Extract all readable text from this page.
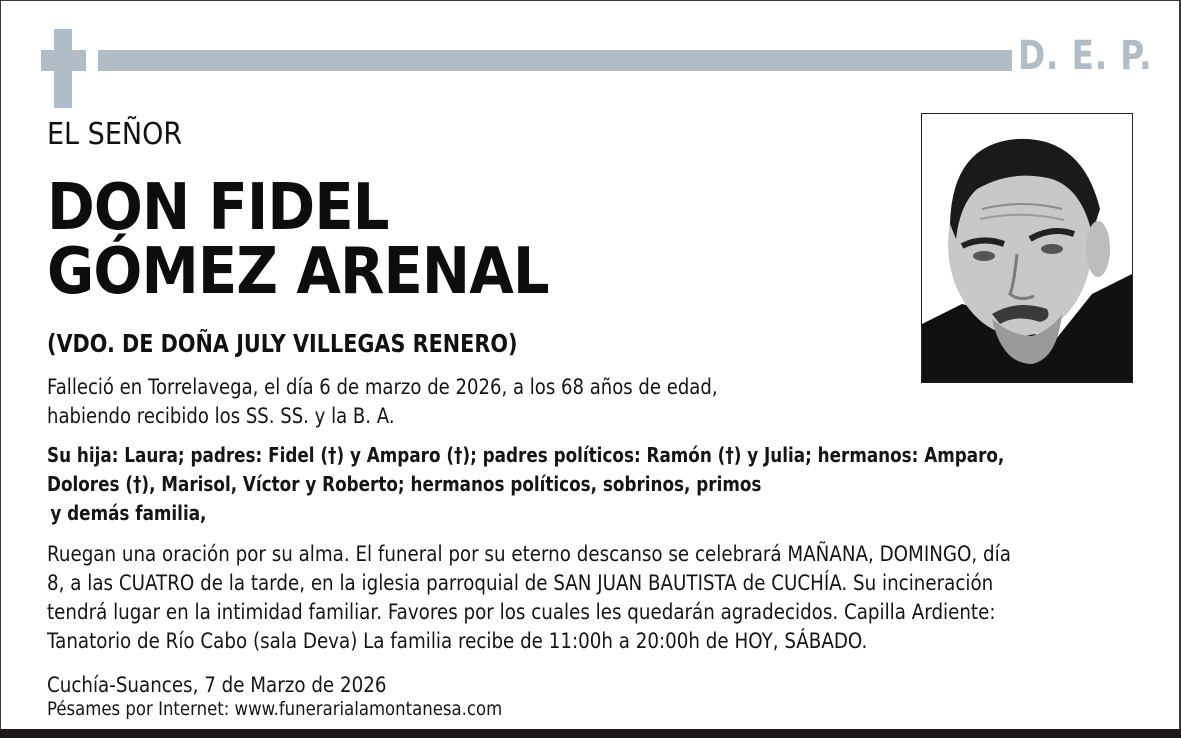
D. E. P.
EL SEÑOR
DON FIDEL
GÓMEZ ARENAL
(VDO. DE DOÑA JULY VILLEGAS RENERO)
Falleció en Torrelavega, el día 6 de marzo de 2026, a los 68 años de edad,
habiendo recibido los SS. SS. y la B. A.
Su hija: Laura; padres: Fidel (†) y Amparo (†); padres políticos: Ramón (†) y Julia; hermanos: Amparo,
Dolores (†), Marisol, Víctor y Roberto; hermanos políticos, sobrinos, primos
y demás familia,
Ruegan una oración por su alma. El funeral por su eterno descanso se celebrará MAÑANA, DOMINGO, día
8, a las CUATRO de la tarde, en la iglesia parroquial de SAN JUAN BAUTISTA de CUCHÍA. Su incineración
tendrá lugar en la intimidad familiar. Favores por los cuales les quedarán agradecidos. Capilla Ardiente:
Tanatorio de Río Cabo (sala Deva) La familia recibe de 11:00h a 20:00h de HOY, SÁBADO.
Cuchía-Suances, 7 de Marzo de 2026
Pésames por Internet: www.funerarialamontanesa.com
